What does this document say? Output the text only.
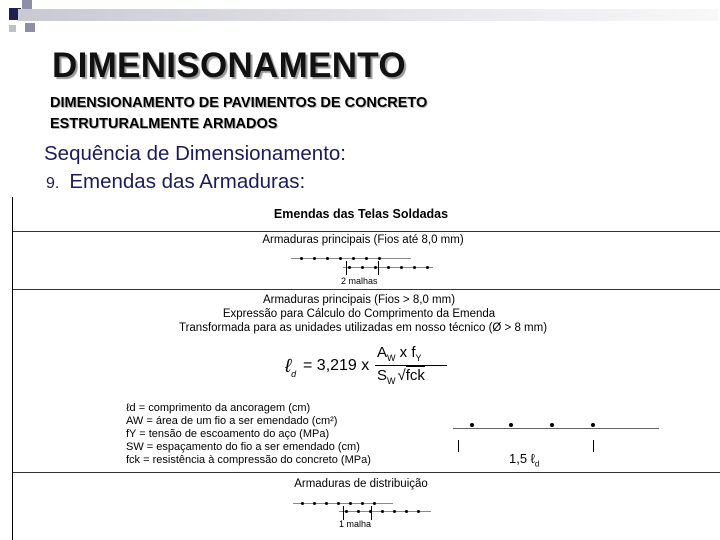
DIMENISONAMENTO
DIMENSIONAMENTO DE PAVIMENTOS DE CONCRETO
ESTRUTURALMENTE ARMADOS
Sequência de Dimensionamento:
9. Emendas das Armaduras:
Emendas das Telas Soldadas
Armaduras principais (Fios até 8,0 mm)
2 malhas
Armaduras principais (Fios > 8,0 mm)
Expressão para Cálculo do Comprimento da Emenda
Transformada para as unidades utilizadas em nosso técnico (Ø > 8 mm)
ℓ$_d$ = 3,219 x
$A_W$ x $f_Y$
$S_W$ √fck
ℓd = comprimento da ancoragem (cm)
AW = área de um fio a ser emendado (cm²)
fY = tensão de escoamento do aço (MPa)
SW = espaçamento do fio a ser emendado (cm)
fck = resistência à compressão do concreto (MPa)	1,5 ℓ$_d$
Armaduras de distribuição
1 malha
